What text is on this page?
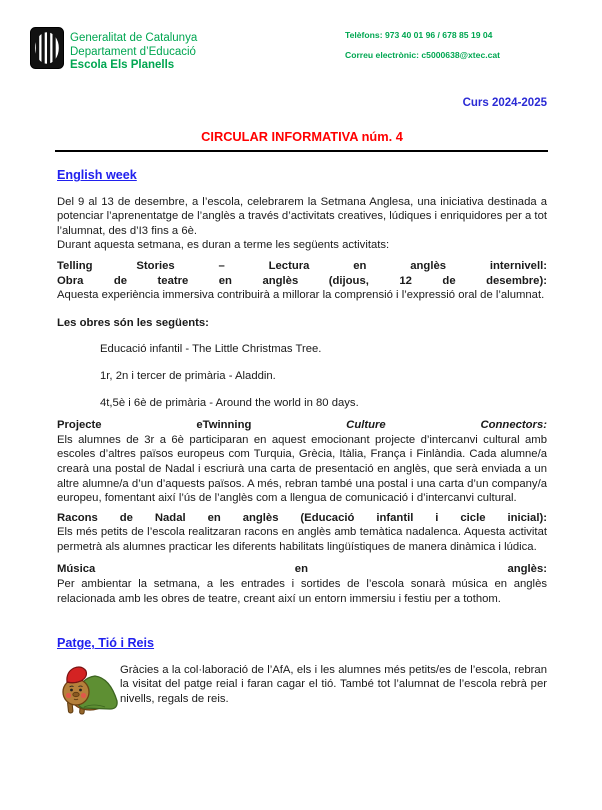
Generalitat de Catalunya
Departament d’Educació
Escola Els Planells
Telèfons: 973 40 01 96 / 678 85 19 04
Correu electrònic: c5000638@xtec.cat
Curs 2024-2025
CIRCULAR INFORMATIVA núm. 4
English week

Del 9 al 13 de desembre, a l’escola, celebrarem la Setmana Anglesa, una iniciativa destinada a potenciar l’aprenentatge de l’anglès a través d’activitats creatives, lúdiques i enriquidores per a tot l’alumnat, des d’I3 fins a 6è.

Durant aquesta setmana, es duran a terme les següents activitats:

Telling Stories – Lectura en anglès internivell:
Obra de teatre en anglès (dijous, 12 de desembre):

Aquesta experiència immersiva contribuirà a millorar la comprensió i l’expressió oral de l’alumnat.

Les obres són les següents:
Educació infantil - The Little Christmas Tree.
1r, 2n i tercer de primària - Aladdin.
4t,5è i 6è de primària - Around the world in 80 days.
Projecte eTwinning	Culture Connectors:

Els alumnes de 3r a 6è participaran en aquest emocionant projecte d’intercanvi cultural amb escoles d’altres països europeus com Turquia, Grècia, Itàlia, França i Finlàndia. Cada alumne/a crearà una postal de Nadal i escriurà una carta de presentació en anglès, que serà enviada a un altre alumne/a d’un d’aquests països. A més, rebran també una postal i una carta d’un company/a europeu, fomentant així l’ús de l’anglès com a llengua de comunicació i d’intercanvi cultural.

Racons de Nadal en anglès (Educació infantil i cicle inicial):

Els més petits de l’escola realitzaran racons en anglès amb temàtica nadalenca. Aquesta activitat permetrà als alumnes practicar les diferents habilitats lingüístiques de manera dinàmica i lúdica.

Música en anglès:

Per ambientar la setmana, a les entrades i sortides de l’escola sonarà música en anglès relacionada amb les obres de teatre, creant així un entorn immersiu i festiu per a tothom.

Patge, Tió i Reis

Gràcies a la col·laboració de l’AfA, els i les alumnes més petits/es de l’escola, rebran la visitat del patge reial i faran cagar el tió. També tot l’alumnat de l’escola rebrà per nivells, regals de reis.
